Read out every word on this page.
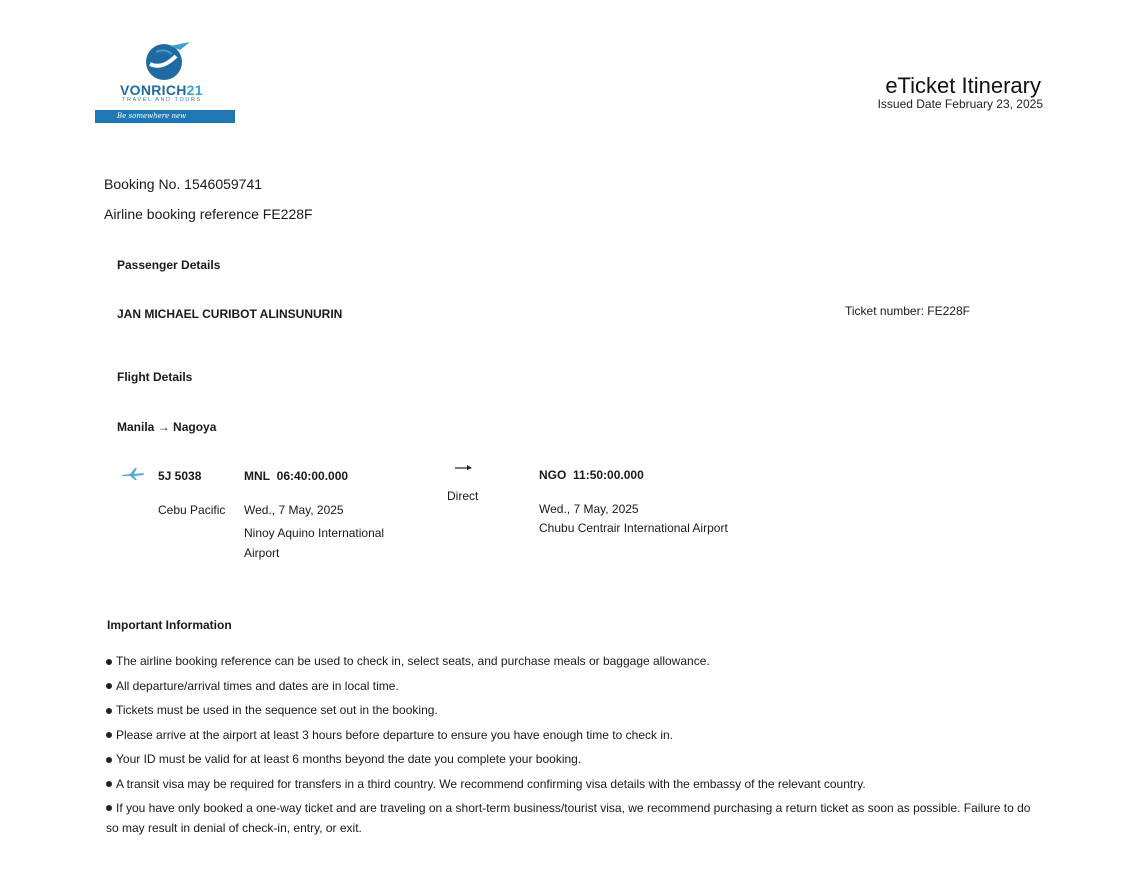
VONRICH21
TRAVEL AND TOURS
Be somewhere new
eTicket Itinerary
Issued Date February 23, 2025
Booking No. 1546059741
Airline booking reference FE228F
Passenger Details
JAN MICHAEL CURIBOT ALINSUNURIN	Ticket number: FE228F
Flight Details
Manila → Nagoya
5J 5038
Cebu Pacific
MNL 06:40:00.000
Wed., 7 May, 2025
Ninoy Aquino International Airport
Direct
NGO 11:50:00.000
Wed., 7 May, 2025
Chubu Centrair International Airport
Important Information
The airline booking reference can be used to check in, select seats, and purchase meals or baggage allowance.
All departure/arrival times and dates are in local time.
Tickets must be used in the sequence set out in the booking.
Please arrive at the airport at least 3 hours before departure to ensure you have enough time to check in.
Your ID must be valid for at least 6 months beyond the date you complete your booking.
A transit visa may be required for transfers in a third country. We recommend confirming visa details with the embassy of the relevant country.
If you have only booked a one-way ticket and are traveling on a short-term business/tourist visa, we recommend purchasing a return ticket as soon as possible. Failure to do so may result in denial of check-in, entry, or exit.
